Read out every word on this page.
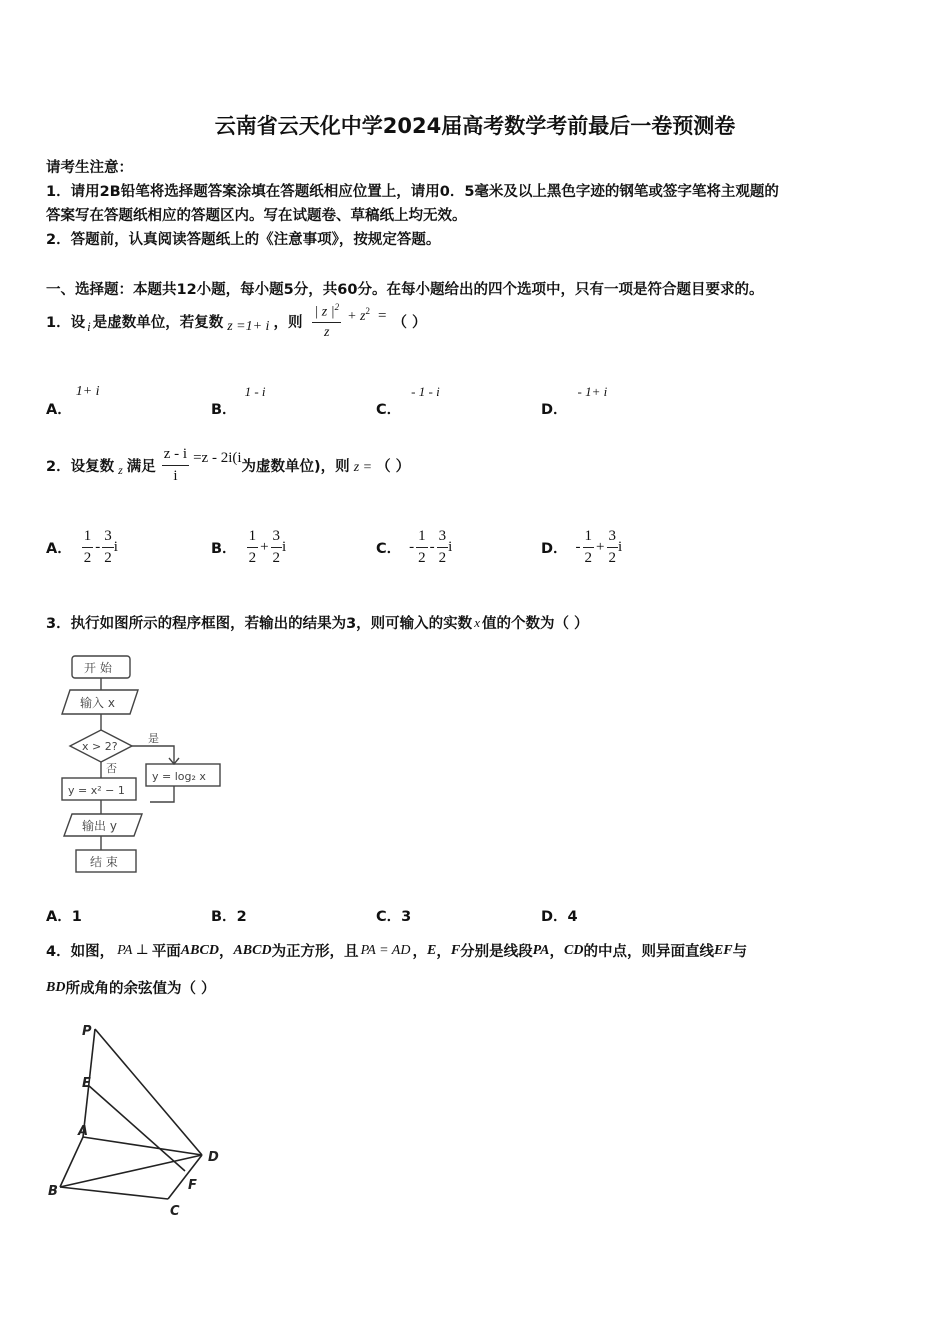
云南省云天化中学2024届高考数学考前最后一卷预测卷
请考生注意：
1．请用2B铅笔将选择题答案涂填在答题纸相应位置上，请用0．5毫米及以上黑色字迹的钢笔或签字笔将主观题的
答案写在答题纸相应的答题区内。写在试题卷、草稿纸上均无效。
2．答题前，认真阅读答题纸上的《注意事项》，按规定答题。
一、选择题：本题共12小题，每小题5分，共60分。在每小题给出的四个选项中，只有一项是符合题目要求的。
1．设 i 是虚数单位，若复数 z =1+ i ，则 $\frac{| z |^2}{z} + z^2$ = （ ）
A．
1+ i
B．
1 - i
C．
- 1 - i
D．
- 1+ i
2．设复数 z 满足 $\frac{z - i}{i} =z - 2i(i$
为虚数单位)，则 z = （ ）
A． $\frac{1}{2} - \frac{3}{2}$ i	B． $\frac{1}{2} + \frac{3}{2}$ i	C． - $\frac{1}{2} - \frac{3}{2}$ i	D． - $\frac{1}{2} + \frac{3}{2}$ i
3．执行如图所示的程序框图，若输出的结果为3，则可输入的实数 x 值的个数为（ ）
开 始
输入 x
x > 2?
是
否
y = log₂ x
y = x² − 1
输出 y
结 束
A．1	B．2	C．3	D．4
4．如图， PA ⊥ 平面 ABCD ， ABCD 为正方形，且 PA = AD ， E ， F 分别是线段 PA ， CD 的中点，则异面直线 EF 与
BD 所成角的余弦值为（ ）
P
E
A
B
C
D
F
